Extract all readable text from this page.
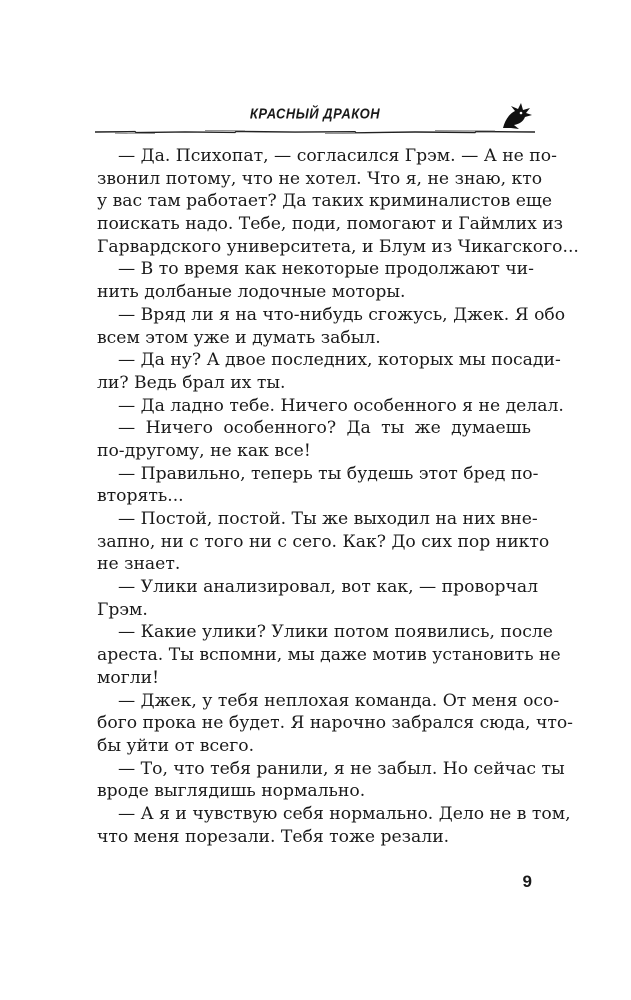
КРАСНЫЙ ДРАКОН
— Да. Психопат, — согласился Грэм. — А не по-
звонил потому, что не хотел. Что я, не знаю, кто
у вас там работает? Да таких криминалистов еще
поискать надо. Тебе, поди, помогают и Гаймлих из
Гарвардского университета, и Блум из Чикагского...
— В то время как некоторые продолжают чи-
нить долбаные лодочные моторы.
— Вряд ли я на что-нибудь сгожусь, Джек. Я обо
всем этом уже и думать забыл.
— Да ну? А двое последних, которых мы посади-
ли? Ведь брал их ты.
— Да ладно тебе. Ничего особенного я не делал.
— Ничего особенного? Да ты же думаешь
по-другому, не как все!
— Правильно, теперь ты будешь этот бред по-
вторять...
— Постой, постой. Ты же выходил на них вне-
запно, ни с того ни с сего. Как? До сих пор никто
не знает.
— Улики анализировал, вот как, — проворчал
Грэм.
— Какие улики? Улики потом появились, после
ареста. Ты вспомни, мы даже мотив установить не
могли!
— Джек, у тебя неплохая команда. От меня осо-
бого прока не будет. Я нарочно забрался сюда, что-
бы уйти от всего.
— То, что тебя ранили, я не забыл. Но сейчас ты
вроде выглядишь нормально.
— А я и чувствую себя нормально. Дело не в том,
что меня порезали. Тебя тоже резали.
9
